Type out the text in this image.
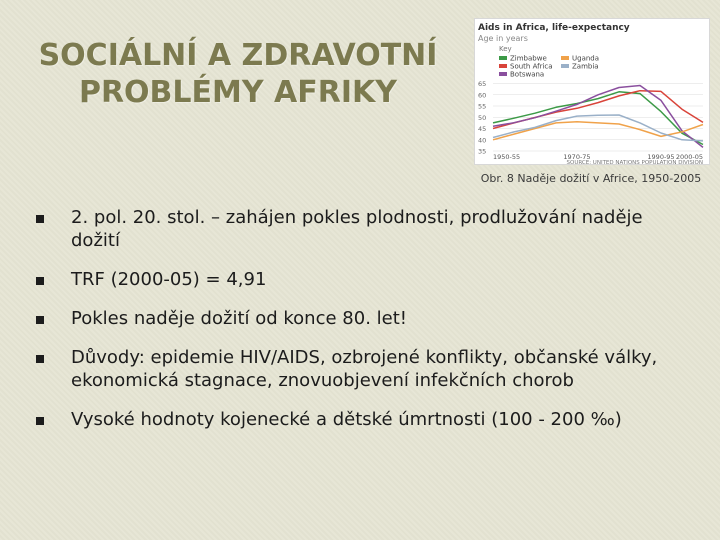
SOCIÁLNÍ A ZDRAVOTNÍ
PROBLÉMY AFRIKY
Aids in Africa, life-expectancy
Age in years
Key
35
40
45
50
55
60
65
Zimbabwe
South Africa
Botswana
Uganda
Zambia
1950-55	1970-75	1990-95 2000-05
SOURCE: UNITED NATIONS POPULATION DIVISION
Obr. 8 Naděje dožití v Africe, 1950-2005
2. pol. 20. stol. – zahájen pokles plodnosti, prodlužování naděje dožití
TRF (2000-05) = 4,91
Pokles naděje dožití od konce 80. let!
Důvody: epidemie HIV/AIDS, ozbrojené konflikty, občanské války, ekonomická stagnace, znovuobjevení infekčních chorob
Vysoké hodnoty kojenecké a dětské úmrtnosti (100 - 200 ‰)
